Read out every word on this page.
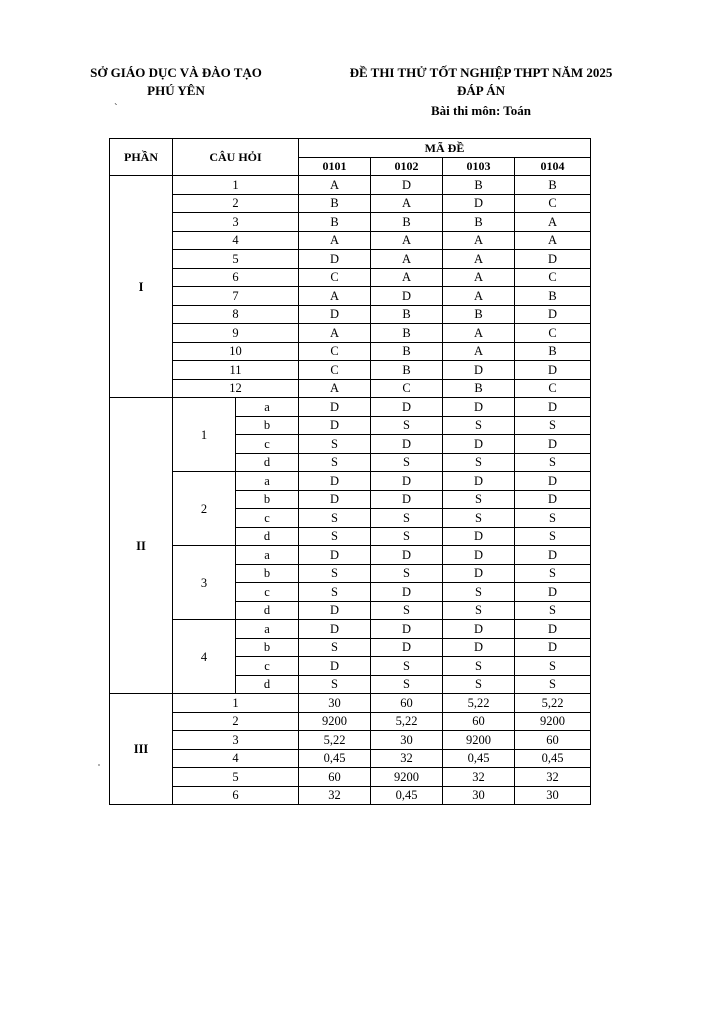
SỞ GIÁO DỤC VÀ ĐÀO TẠO
PHÚ YÊN
`
ĐỀ THI THỬ TỐT NGHIỆP THPT NĂM 2025
ĐÁP ÁN
Bài thi môn: Toán
PHẦN	CÂU HỎI		MÃ ĐỀ			
			0101	0102	0103	0104
I	1		A	D	B	B
	2		B	A	D	C
	3		B	B	B	A
	4		A	A	A	A
	5		D	A	A	D
	6		C	A	A	C
	7		A	D	A	B
	8		D	B	B	D
	9		A	B	A	C
	10		C	B	A	B
	11		C	B	D	D
	12		A	C	B	C
II	1	a	D	D	D	D
		b	D	S	S	S
		c	S	D	D	D
		d	S	S	S	S
	2	a	D	D	D	D
		b	D	D	S	D
		c	S	S	S	S
		d	S	S	D	S
	3	a	D	D	D	D
		b	S	S	D	S
		c	S	D	S	D
		d	D	S	S	S
	4	a	D	D	D	D
		b	S	D	D	D
		c	D	S	S	S
		d	S	S	S	S
III	1		30	60	5,22	5,22
	2		9200	5,22	60	9200
	3		5,22	30	9200	60
	4		0,45	32	0,45	0,45
	5		60	9200	32	32
	6		32	0,45	30	30
